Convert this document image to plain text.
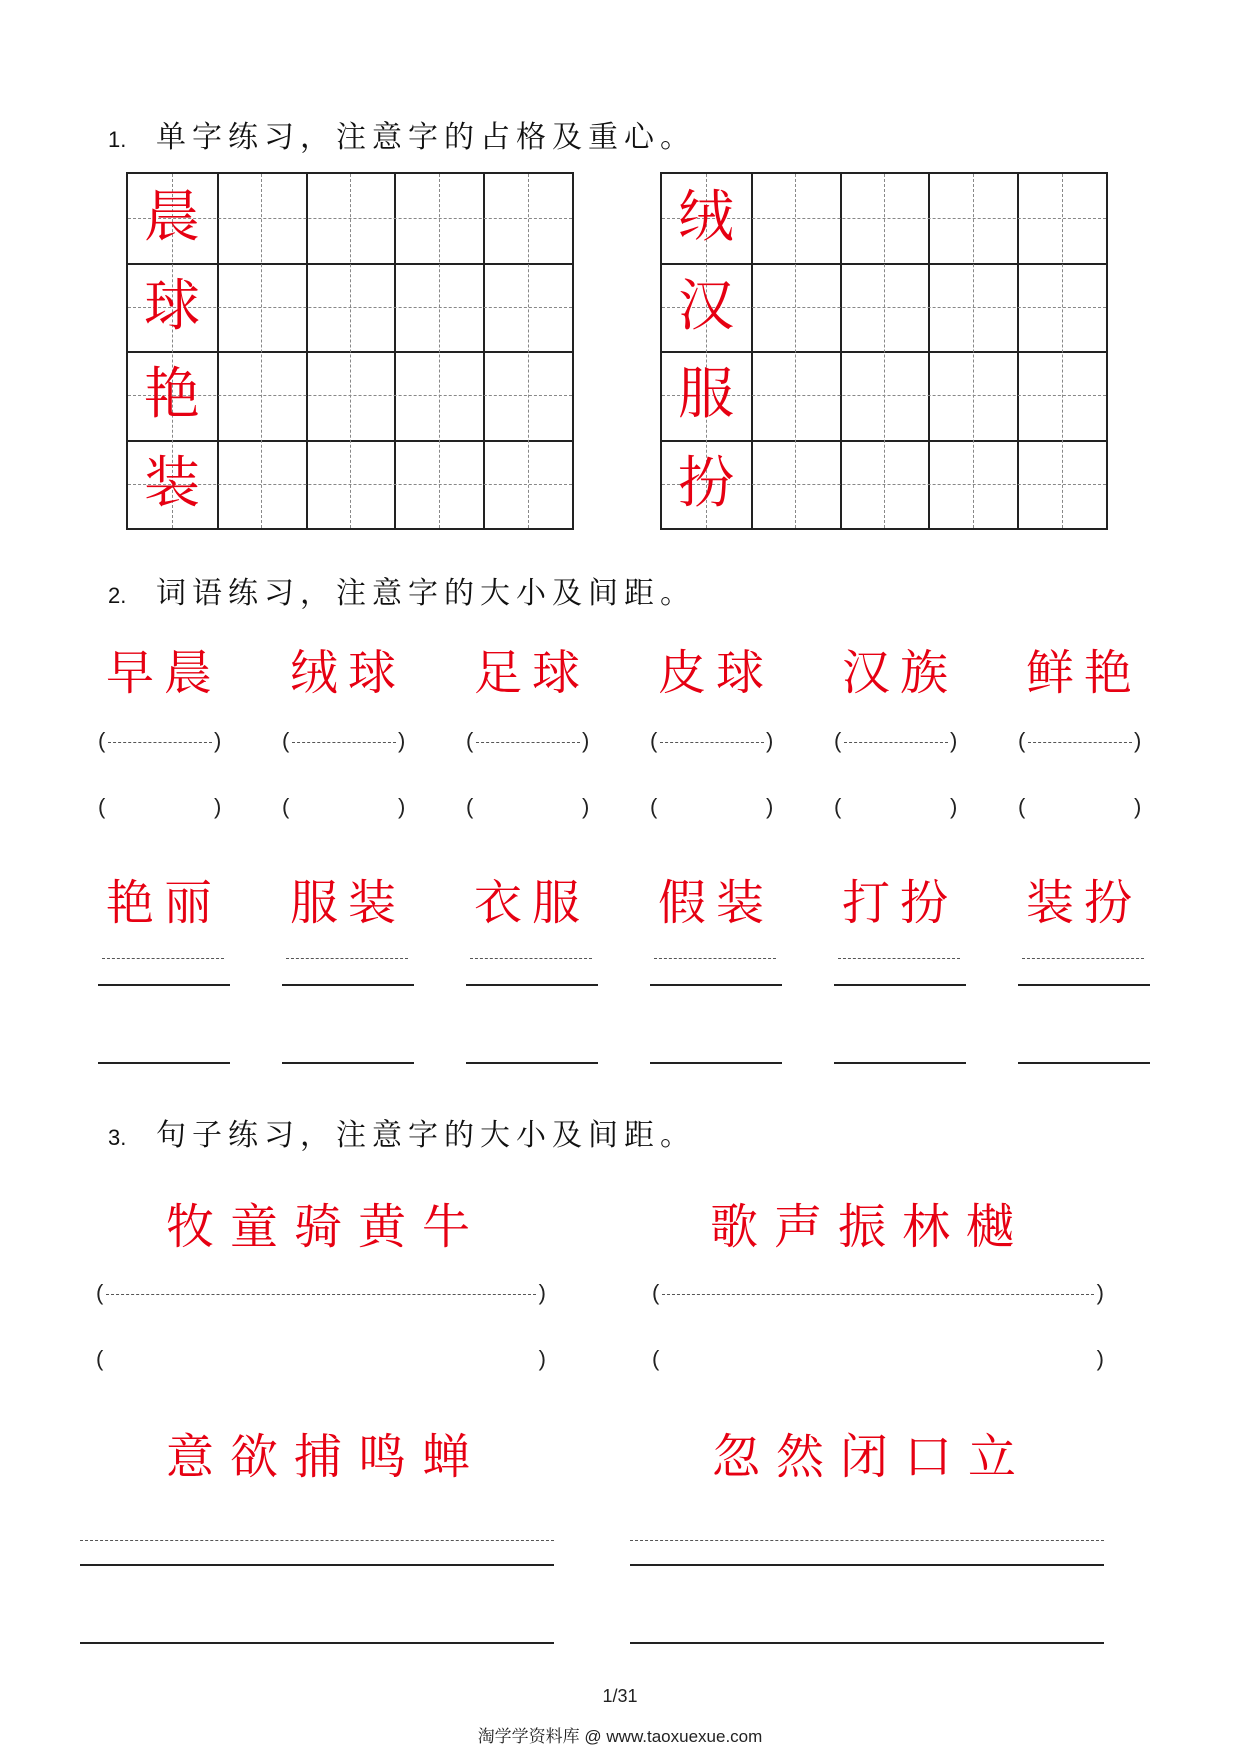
1. 单字练习，注意字的占格及重心。
晨
球
艳
装
绒
汉
服
扮
2. 词语练习，注意字的大小及间距。
早晨
(	)
(	)
绒球
(	)
(	)
足球
(	)
(	)
皮球
(	)
(	)
汉族
(	)
(	)
鲜艳
(	)
(	)
艳丽 服装 衣服 假装 打扮 装扮
3. 句子练习，注意字的大小及间距。
牧童骑黄牛	歌声振林樾
(	)
(	)
(	)
(	)
意欲捕鸣蝉	忽然闭口立
1/31
淘学学资料库 @ www.taoxuexue.com
